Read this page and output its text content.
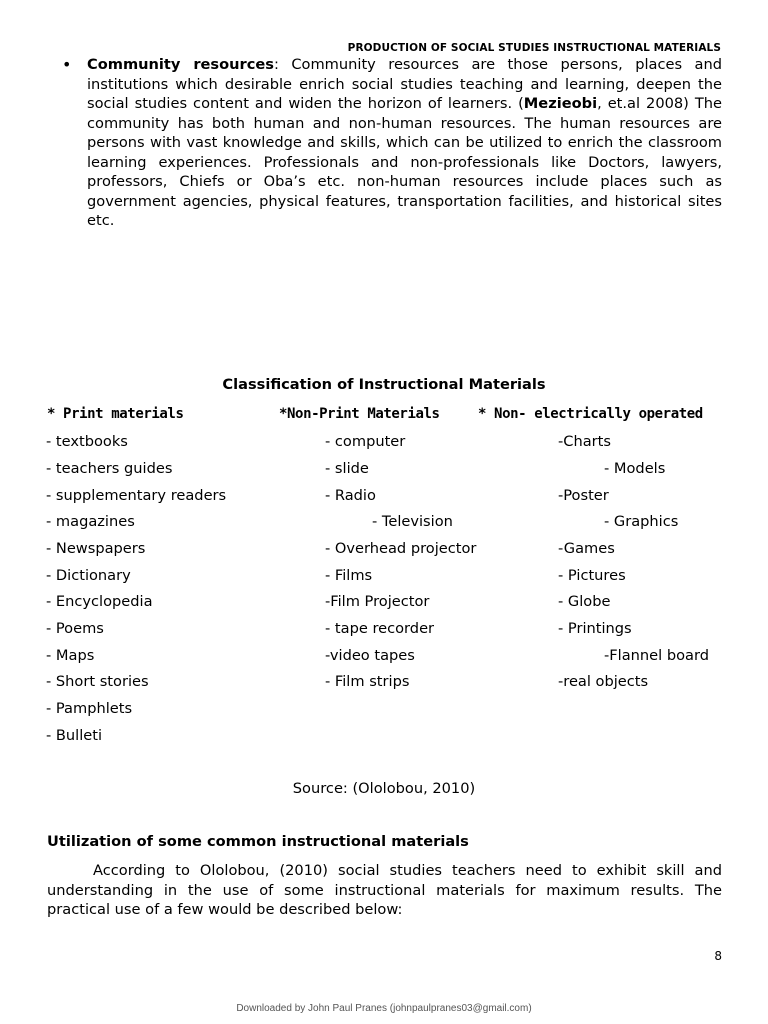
PRODUCTION OF SOCIAL STUDIES INSTRUCTIONAL MATERIALS
• Community resources: Community resources are those persons, places and institutions which desirable enrich social studies teaching and learning, deepen the social studies content and widen the horizon of learners. (Mezieobi, et.al 2008) The community has both human and non-human resources. The human resources are persons with vast knowledge and skills, which can be utilized to enrich the classroom learning experiences. Professionals and non-professionals like Doctors, lawyers, professors, Chiefs or Oba’s etc. non-human resources include places such as government agencies, physical features, transportation facilities, and historical sites etc.
Classification of Instructional Materials
* Print materials	*Non-Print Materials	* Non- electrically operated
- textbooks
- teachers guides
- supplementary readers
- magazines
- Newspapers
- Dictionary
- Encyclopedia
- Poems
- Maps
- Short stories
- Pamphlets
- Bulleti
- computer
- slide
- Radio
- Television
- Overhead projector
- Films
-Film Projector
- tape recorder
-video tapes
- Film strips
-Charts
- Models
-Poster
- Graphics
-Games
- Pictures
- Globe
- Printings
-Flannel board
-real objects
Source: (Ololobou, 2010)
Utilization of some common instructional materials
According to Ololobou, (2010) social studies teachers need to exhibit skill and understanding in the use of some instructional materials for maximum results. The practical use of a few would be described below:
8
Downloaded by John Paul Pranes (johnpaulpranes03@gmail.com)
